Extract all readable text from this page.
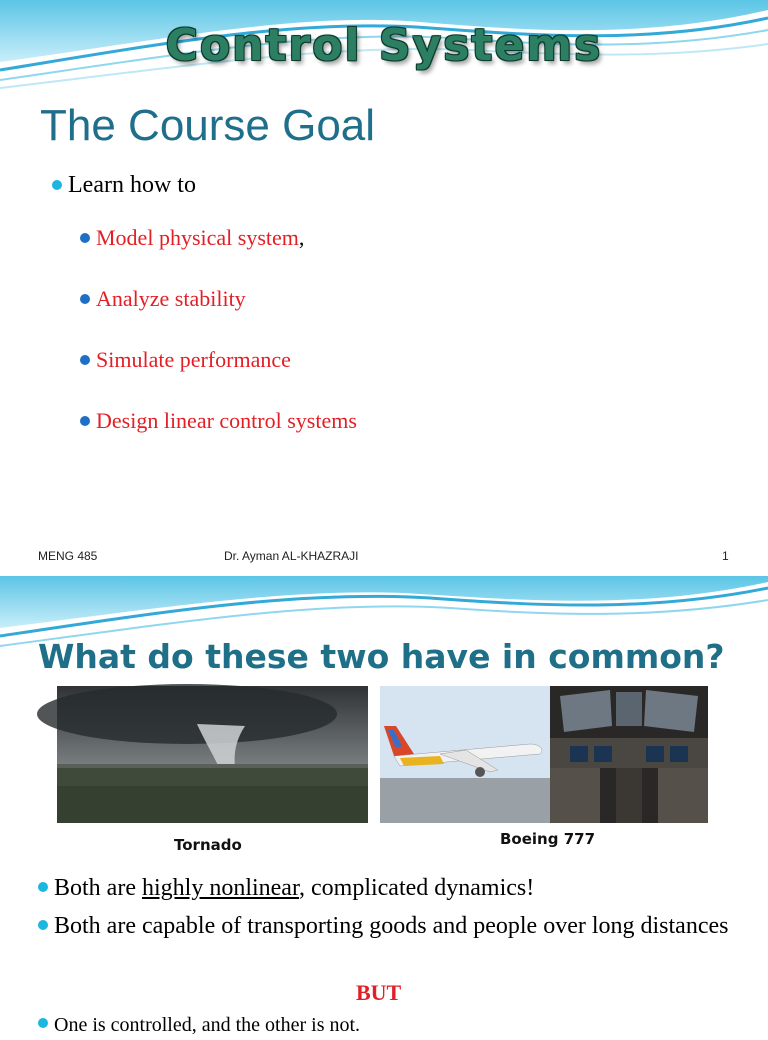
Control Systems
The Course Goal
Learn how to
Model physical system,
Analyze stability
Simulate performance
Design linear control systems
MENG 485	Dr. Ayman AL-KHAZRAJI	1
What do these two have in common?
Tornado	Boeing 777
Both are highly nonlinear, complicated dynamics!
Both are capable of transporting goods and people over long distances
BUT
One is controlled, and the other is not.
